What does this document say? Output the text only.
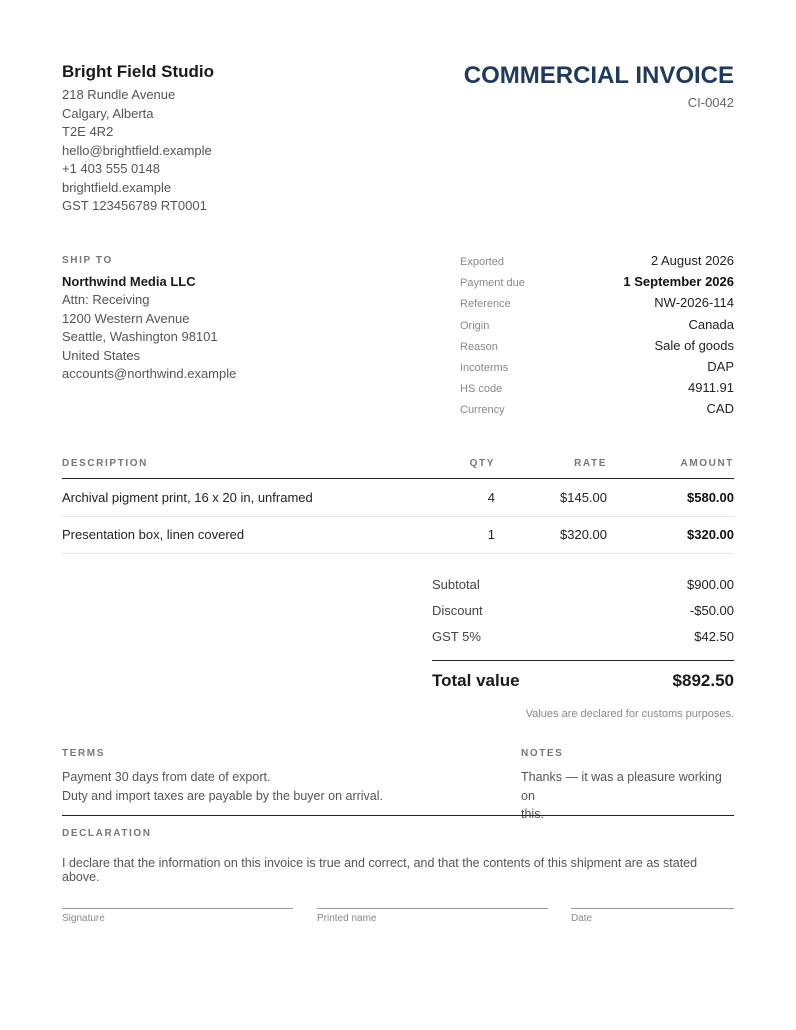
Bright Field Studio
218 Rundle Avenue
Calgary, Alberta
T2E 4R2
hello@brightfield.example
+1 403 555 0148
brightfield.example
GST 123456789 RT0001
COMMERCIAL INVOICE
CI-0042
SHIP TO
Northwind Media LLC
Attn: Receiving
1200 Western Avenue
Seattle, Washington 98101
United States
accounts@northwind.example
Exported	2 August 2026
Payment due	1 September 2026
Reference	NW-2026-114
Origin	Canada
Reason	Sale of goods
Incoterms	DAP
HS code	4911.91
Currency	CAD
DESCRIPTION	QTY	RATE	AMOUNT
Archival pigment print, 16 x 20 in, unframed	4	$145.00	$580.00
Presentation box, linen covered	1	$320.00	$320.00
Subtotal	$900.00
Discount	-$50.00
GST 5%	$42.50
Total value	$892.50
Values are declared for customs purposes.
TERMS
Payment 30 days from date of export.
Duty and import taxes are payable by the buyer on arrival.
NOTES
Thanks — it was a pleasure working on
this.
DECLARATION
I declare that the information on this invoice is true and correct, and that the contents of this shipment are as stated above.
Signature	Printed name	Date
